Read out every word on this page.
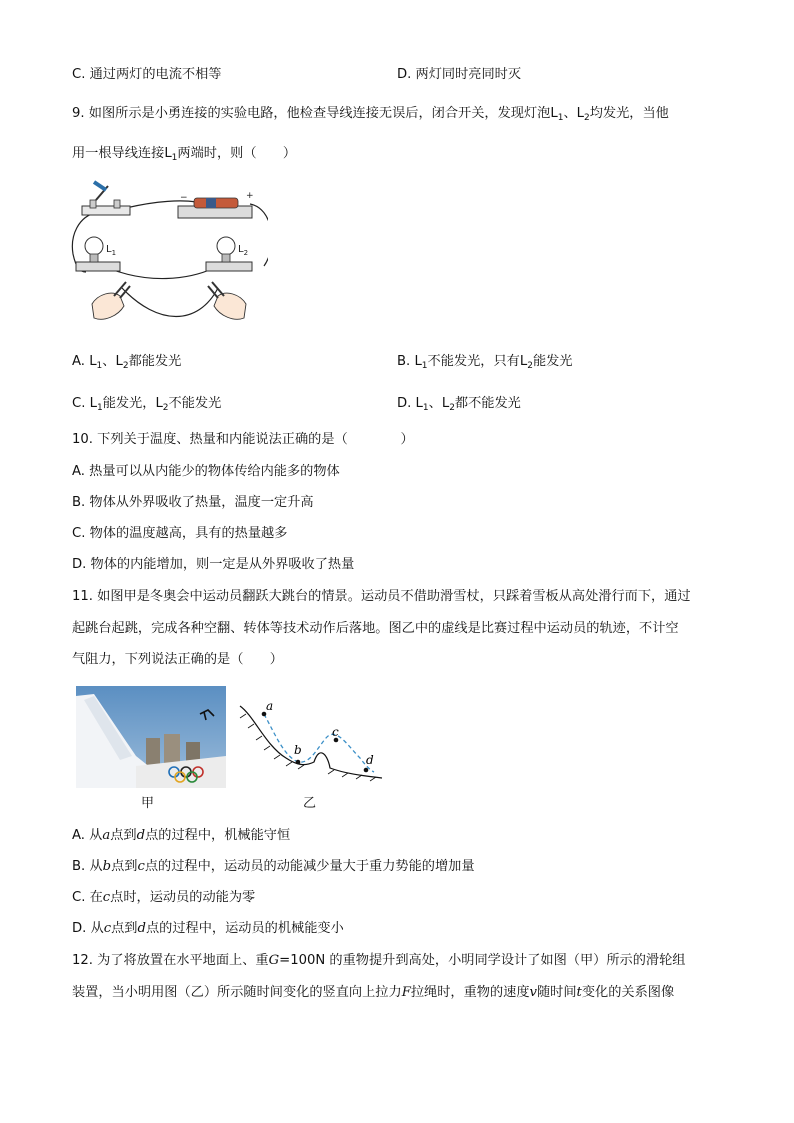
C. 通过两灯的电流不相等	D. 两灯同时亮同时灭
9. 如图所示是小勇连接的实验电路，他检查导线连接无误后，闭合开关，发现灯泡$L_1$、$L_2$均发光，当他
用一根导线连接$L_1$两端时，则（　　）
−	+
$L_1$	$L_2$
A. $L_1$、$L_2$都能发光	B. $L_1$不能发光，只有$L_2$能发光
C. $L_1$能发光，$L_2$不能发光	D. $L_1$、$L_2$都不能发光
10. 下列关于温度、热量和内能说法正确的是（　　　　）
A. 热量可以从内能少的物体传给内能多的物体
B. 物体从外界吸收了热量，温度一定升高
C. 物体的温度越高，具有的热量越多
D. 物体的内能增加，则一定是从外界吸收了热量
11. 如图甲是冬奥会中运动员翻跃大跳台的情景。运动员不借助滑雪杖，只踩着雪板从高处滑行而下，通过
起跳台起跳，完成各种空翻、转体等技术动作后落地。图乙中的虚线是比赛过程中运动员的轨迹，不计空
气阻力，下列说法正确的是（　　）
甲
a
b
c
d
乙
A. 从a点到d点的过程中，机械能守恒
B. 从b点到c点的过程中，运动员的动能减少量大于重力势能的增加量
C. 在c点时，运动员的动能为零
D. 从c点到d点的过程中，运动员的机械能变小
12. 为了将放置在水平地面上、重G=100N 的重物提升到高处，小明同学设计了如图（甲）所示的滑轮组
装置，当小明用图（乙）所示随时间变化的竖直向上拉力F拉绳时，重物的速度v随时间t变化的关系图像
